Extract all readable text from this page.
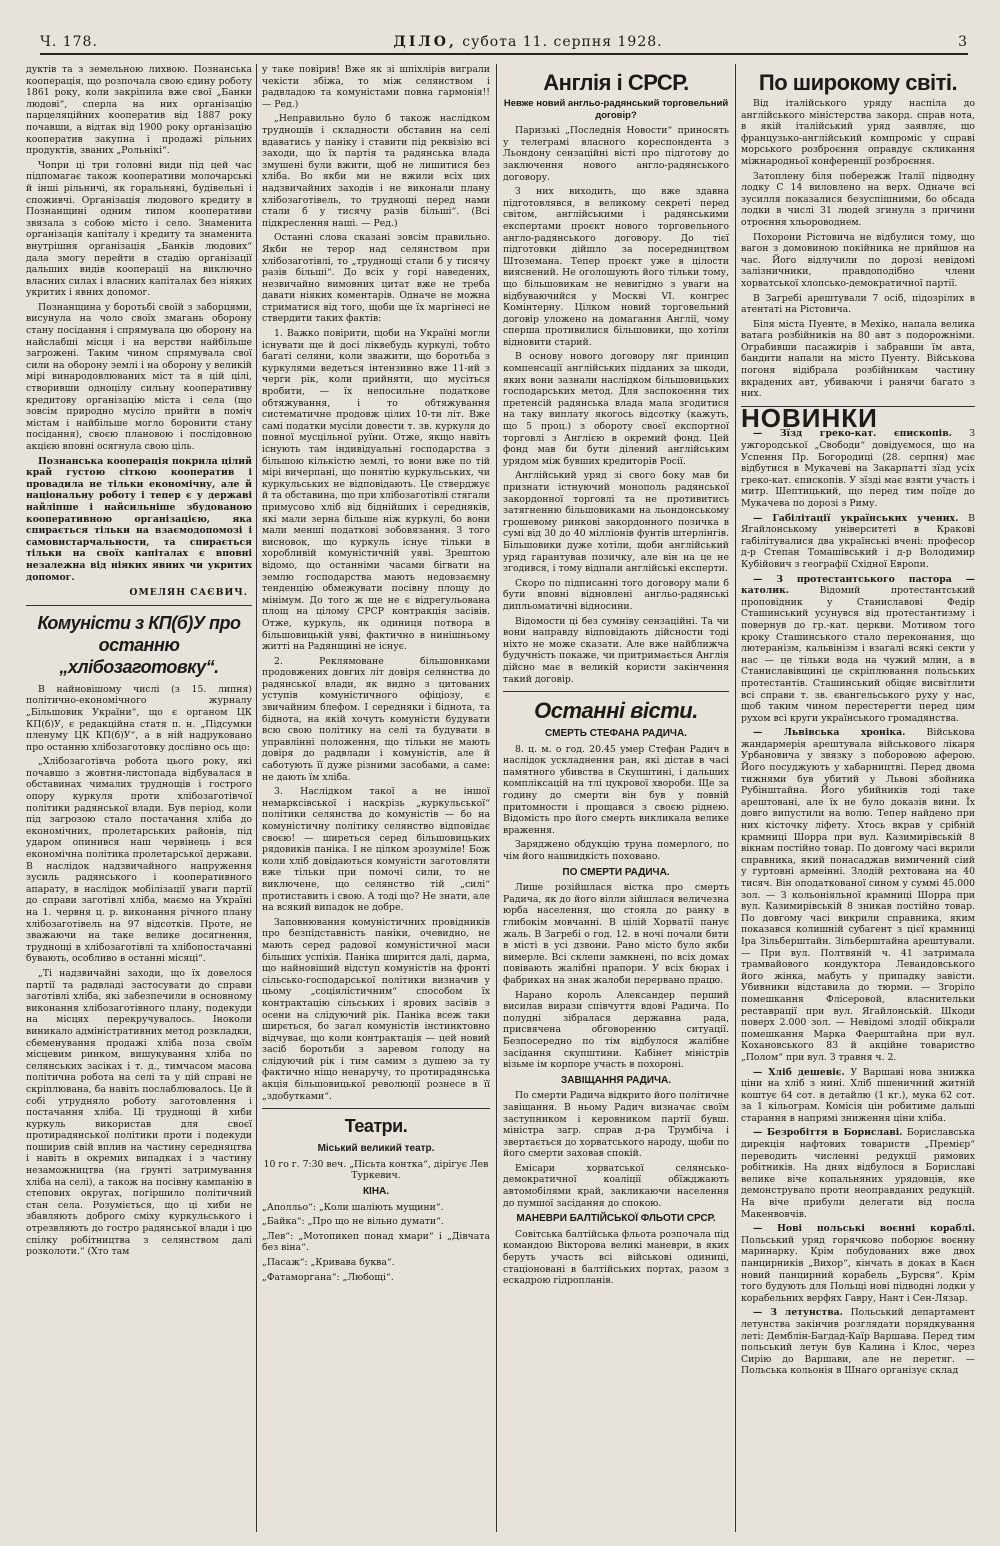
Ч. 178.	ДІЛО, субота 11. серпня 1928.	3

дуктів та з земельною лихвою. Познанська кооперація, що розпочала свою єдину роботу 1861 року, коли закріпила вже свої „Банки людові“, сперла на них організацію парцеляційних кооператив від 1887 року почавши, а відтак від 1900 року організацію кооператив закупна і продажі рільних продуктів, званих „Рольнікі“.

Чопри ці три головні види під цей час підпомагає також кооперативи молочарські й інші рільничі, як горальняні, будівельні і споживчі. Організація людового кредиту в Познанщині одним типом кооперативи звязала з собою місто і село. Знаменита організація капіталу і кредиту та знаменита внутрішня організація „Банків людових“ дала змогу перейти в стадію організації дальших видів кооперації на виключно власних силах і власних капіталах без ніяких укритих і явних допомог.

Познанщина у боротьбі своїй з заборцями, висунула на чоло своїх змагань оборону стану посідання і спрямувала цю оборону на найслабші місця і на верстви найбільше загрожені. Таким чином спрямувала свої сили на оборону землі і на оборону у великій мірі винародовлюваних міст та в цій цілі, створивши одноцілу сильну кооперативну кредитову організацію міста і села (що зовсім природно мусіло прийти в поміч містам і найбільше могло боронити стану посідання), своєю плановою і послідовною акцією вповні осягнула свою ціль.

Познанська кооперація покрила цілий край густою сіткою кооператив і провадила не тільки економічну, але й національну роботу і тепер є у державі найліпше і найсильніше збудованою кооперативною організацією, яка спирається тільки на взаємодопомозі і самовистарчальности, та спирається тільки на своїх капіталах є вповні незалежна від ніяких явних чи укритих допомог.

ОМЕЛЯН САЄВИЧ.
Комуністи з КП(б)У про останню „хлібозаготовку“.

В найновішому числі (з 15. липня) політично-економічного журналу „Більшовик України“, що є органом ЦК КП(б)У, є редакційна статя п. н. „Підсумки пленуму ЦК КП(б)У“, а в ній надруковано про останню хлібозаготовку дослівно ось що:

„Хлібозаготівча робота цього року, які почавшо з жовтня-листопада відбувалася в обставинах чималих труднощів і гострого опору куркуля проти хлібозаготівчої політики радянської влади. Був період, коли під загрозою стало постачання хліба до економічних, пролетарських районів, під ударом опинився наш червінець і вся економічна політика пролетарської держави. В наслідок надзвичайного напруження зусиль радянського і кооперативного апарату, в наслідок мобілізації уваги партії до справи заготівлі хліба, маємо на Україні на 1. червня ц. р. виконання річного плану хлібозаготівель на 97 відсотків. Проте, не зважаючи на таке велике досягнення, труднощі в хлібозаготівлі та хлібопостачанні бувають, особливо в останні місяці“.

„Ті надзвичайні заходи, що їх довелося партії та радвладі застосувати до справи заготівлі хліба, які забезпечили в основному виконання хлібозаготівного плану, подекуди на місцях перекручувалось. Іноколи виникало адміністративних метод розкладки, сбеменування продажі хліба поза своїм місцевим ринком, вишукування хліба по селянських засіках і т. д., тимчасом масова політична робота на селі та у цій справі не скріплювана, ба навіть послаблювалось. Це й собі утрудняло роботу заготовлення і постачання хліба. Ці труднощі й хиби куркуль використав для своєї протирадянської політики проти і подекуди поширив свій вплив на частину середняцтва і навіть в окремих випадках і з частину незаможництва (на ґрунті затримування хліба на селі), а також на посівну кампанію в степових округах, погіршило політичний стан села. Розуміється, що ці хиби не збавляють доброго сміху куркульського і отрезвляють до гостро радянської влади і цю спілку робітництва з селянством далі розколоти.“ (Хто там

у таке повірив! Вже як зі шпіхлірів виграли чекісти збіжа, то між селянством і радвладою та комуністами повна гармонія!! — Ред.)

„Неправильно було б також наслідком труднощів і складности обставин на селі вдаватись у паніку і ставити під реквізію всі заходи, що їх партія та радянська влада змушені були вжити, щоб не лишитися без хліба. Во якби ми не вжили всіх цих надзвичайних заходів і не виконали плану хлібозаготівель, то труднощі перед нами стали б у тисячу разів більші“. (Всі підкреслення наші. — Ред.)

Останні слова сказані зовсім правильно. Якби не терор над селянством при хлібозаготівлі, то „труднощі стали б у тисячу разів більші“. До всіх у горі наведених, незвичайно вимовних цитат вже не треба давати ніяких коментарів. Одначе не можна стриматися від того, щоби ще їх маргінесі не ствердити таких фактів:

1. Важко повірити, щоби на Україні могли існувати ще й досі ліквебудь куркулі, тобто багаті селяни, коли зважити, що боротьба з куркулями ведеться інтензивно вже 11-ий з черги рік, коли прийняти, що мусіться вробити, — їх непосильне податкове обтяжування, і то обтяжування систематичне продовж цілих 10-ти літ. Вже самі податки мусіли довести т. зв. куркуля до повної мусцільної руїни. Отже, якщо навіть існують там індивідуальні господарства з більшою кількістю землі, то вони вже по тій мірі вичерпані, що понятію куркульських, чи куркульських не відповідають. Це стверджує й та обставина, що при хлібозаготівлі стягали примусово хліб від біднійших і середняків, які мали зерна більше ніж куркулі, бо вони мали менші податкові зобовязання. З того висновок, що куркуль існує тільки в хоробливій комуністичній уяві. Зрештою відомо, що останніми часами бігвати на землю господарства мають недовзаємну тенденцію обмежувати посівну площу до мінімум. До того ж ще не є відрегульована площ на цілому СРСР контракція засівів. Отже, куркуль, як одиниця потвора в більшовицькій уяві, фактично в нинішньому житті на Радянщині не існує.

2. Реклямоване більшовиками продовжених довгих літ довіря селянства до радянської влади, як видно з цитованих уступів комуністичного офіціозу, є звичайним блефом. І середняки і біднота, та біднота, на якій хочуть комуністи будувати всю свою політику на селі та будувати в управлінні положення, що тільки не мають довіря до радвлади і комуністів, але й саботують її дуже різними засобами, а саме: не дають їм хліба.

3. Наслідком такої а не іншої немарксівської і наскрізь „куркульської“ політики селянства до комуністів — бо на комуністичну політику селянство відповідає своєю! — ширеться серед більшовицьких рядовиків паніка. І не цілком зрозуміле! Бож коли хліб довідаються комуністи заготовляти вже тільки при помочі сили, то не виключене, що селянство тій „силі“ протиставить і свою. А тоді що? Не знати, але на всякий випадок не добре.

Заповнювання комуністичних провідників про безпідставність паніки, очевидно, не мають серед радової комуністичної маси більших успіхів. Паніка ширится далі, дарма, що найновіший відступ комуністів на фронті сільсько-господарської політики визначив у цьому „соціялістичним“ способом їх контрактацію сільських і ярових засівів з осени на слідуючий рік. Паніка всеж таки ширється, бо загал комуністів інстинктовно відчуває, що коли контрактація — цей новий засіб боротьби з заревом голоду на слідуючий рік і тим самим з душею за ту фактично ніщо ненаручу, то протирадянська акція більшовицької революції рознесе в її „здобутками“.

Театри.
Міський великий театр.

10 го г. 7:30 веч. „Пісьта контка“, дірігує Лев Туркевич.

КІНА.

„Аполльо“: „Коли шаліють мущини“.

„Байка“: „Про що не вільно думати“.

„Лев“: „Мотопикеп понад хмари“ і „Дівчата без віна“.

„Пасаж“: „Кривава буква“.

„Фатаморгана“: „Любощі“.

Англія і СРСР.
Невже новий англьо-радянський торговельний договір?

Паризькі „Последнія Новости“ приносять у телеграмі власного кореспондента з Льондону сензаційні вісті про підготову до заключення нового англо-радянського договору.

З них виходить, що вже здавна підготовлявся, в великому секреті перед світом, англійськими і радянськими експертами проєкт нового торговельного англо-радянського договору. До тієї підготовки дійшло за посередництвом Штоземана. Тепер проєкт уже в цілости вияснений. Не оголошують його тільки тому, що більшовикам не невигідно з уваги на відбуваючийся у Москві VI. конгрес Комінтерну. Цілком новий торговельний договір уложено на домагання Англії, чому сперша противилися більшовики, що хотіли відновити старий.

В основу нового договору ляг принцип компенсації англійських підданих за шкоди, яких вони зазнали наслідком більшовицьких господарських метод. Для заспокоєння тих претенсій радянська влада мала згодитися на таку виплату якогось відсотку (кажуть, що 5 проц.) з обороту своєї експортної торговлі з Англією в окремий фонд. Цей фонд мав би бути ділений англійським урядом між бувших кредиторів Росії.

Англійський уряд зі свого боку мав би признати істнуючий монополь радянської закордонної торговлі та не противитись затягненню більшовиками на льондонському грошевому ринкові закордонного позичка в сумі від 30 до 40 мілліонів фунтів штерлінгів. Більшовики дуже хотіли, щоби англійський уряд гарантував позичку, але він на це не згодився, і тому відпали англійські експерти.

Скоро по підписанні того договору мали б бути вповні відновлені англьо-радянські дипльоматичні відносини.

Відомости ці без сумніву сензаційні. Та чи вони направду відповідають дійсности тоді ніхто не може сказати. Але вже найближча будучність покаже, чи притримається Англія дійсно має в великій користи закінчення такий договір.

Останні вісти.
СМЕРТЬ СТЕФАНА РАДИЧА.

8. ц. м. о год. 20.45 умер Стефан Радич в наслідок ускладнення ран, які дістав в часі памятного убивства в Скупштині, і дальших компліксацій на тлі цукрової хвороби. Ще за годину до смерти він був у повній притомности і прощався з своєю ріднею. Відомість про його смерть викликала велике враження.

Заряджено обдукцію труна померлого, по чім його нашвидкість поховано.

ПО СМЕРТИ РАДИЧА.

Лише розійшлася вістка про смерть Радича, як до його вілли зійшлася величезна юрба населення, що стояла до ранку в глибокім мовчанні. В цілій Хорватії панує жаль. В Загребі о год. 12. в ночі почали бити в місті в усі дзвони. Рано місто було якби вимерле. Всі склепи замкнені, по всіх домах повівають жалібні прапори. У всіх бюрах і фабриках на знак жалоби перервано працю.

Нарано король Александер перший висилав вирази співчуття вдові Радича. По полудні зібралася державна рада, присвячена обговоренню ситуації. Безпосередно по тім відбулося жалібне засідання скупштини. Кабінет міністрів візьме ім корпоре участь в похороні.

ЗАВІЩАННЯ РАДИЧА.

По смерти Радича відкрито його політичне завіщання. В ньому Радич визначає своїм заступником і керовником партії бувш. міністра загр. справ д-ра Трумбіча і звертається до хорватського народу, щоби по його смерти заховав спокій.

Емісари хорватської селянсько-демократичної коаліції обїжджають автомобілями край, закликаючи населення до пумшої засідання до спокою.

МАНЕВРИ БАЛТІЙСЬКОЇ ФЛЬОТИ СРСР.

Совітська балтійська фльота розпочала під командою Вікторова великі маневри, в яких беруть участь всі військові одиниці, стаціоновані в балтійських портах, разом з ескадрою гідропланів.

По широкому світі.

Від італійського уряду наспіла до англійського міністерства закорд. справ нота, в якій італійський уряд заявляє, що французько-англійський компроміс у справі морського розброєння оправдує скликання міжнародньої конференції розброєння.

Затоплену біля побережж Італії підводну лодку С 14 виловлено на верх. Одначе всі зусилля показалися безуспішними, бо обсада лодки в числі 31 людей згинула з причини отроєння хльороводнем.

Похорони Рістовича не відбулися тому, що вагон з домовиною покійника не прийшов на час. Його відлучили по дорозі невідомі залізничники, правдоподібно члени хорватської хлопсько-демократичної партії.

В Загребі арештували 7 осіб, підозрілих в атентаті на Рістовича.

Біля міста Пуенте, в Мехіко, напала велика ватага розбійників на 80 авт з подорожніми. Ограбивши пасажирів і забравши їм авта, бандити напали на місто Пуенту. Військова погоня відібрала розбійникам частину вкрадених авт, убиваючи і ранячи багато з них.

НОВИНКИ

— Зїзд греко-кат. єпископів. З ужгородської „Свободи“ довідуємося, що на Успення Пр. Богородиці (28. серпня) має відбутися в Мукачеві на Закарпатті зїзд усіх греко-кат. єпископів. У зїзді має взяти участь і митр. Шептицький, що перед тим поїде до Мукачева по дорозі з Риму.

— Габілітації українських учених. В Ягайлонському університеті в Кракові габілітувалися два українські вчені: професор д-р Степан Томашівський і д-р Володимир Кубійович з географії Східної Европи.

— З протестантського пастора — католик.	Відомий протестантський проповідник у Станиславові Федір Сташинський усунувся від протестантизму і повернув до гр.-кат. церкви. Мотивом того кроку Сташинського стало переконання, що лютеранізм, кальвінізм і взагалі всякі секти у нас — це тільки вода на чужий млин, а в Станиславівщині це скріплювання польських протестантів. Сташинський обіцяє висвітлити всі справи т. зв. євангельського руху у нас, щоб таким чином перестерегти перед цим рухом всі круги українського громадянства.

— Львівська хроніка. Військова жандармерія арештувала військового лікаря Урбановича у звязку з поборовою аферою. Його посуджують у хабарництві. Перед двома тижнями був убитий у Львові збойника Рубінштайна. Його убийників тоді таке арештовані, але їх не було доказів вини. Їх довго випустили на волю. Тепер найдено при них кісточку ліфету. Хтось вкрав у срібній крамниці Шорра при вул. Казимирівській 8 вікнам постійно товар. По довгому часі вкрили справника, який понасаджав вимичений сіий у гуртовні армеінні. Злодій рехтована на 40 тисяч. Він оподаткованої сином у суммі 45.000 зол. — З кольоніяльної крамниці Шорра при вул. Казимирівській 8 зникав постійно товар. По довгому часі викрили справника, яким показався колишній субагент з цієї крамниці Іра Зільберштайн. Зільберштайна арештували. — При вул. Полтвяній ч. 41 затримала трамвайового кондуктора Левандовського його жінка, мабуть у припадку завісти. Убивники відставила до тюрми. — Згоріло помешкання Флісеровой, власнительки реставрації при вул. Ягайлонській. Шкоди поверх 2.000 зол. — Невідомі злодії обікрали помешкання Марка Фаерштайна при вул. Кохановського 83 й акційне товариство „Полом“ при вул. З травня ч. 2.

— Хліб дешевіє. У Варшаві нова знижка ціни на хліб з нині. Хліб пшеничний житній коштує 64 сот. в детайлю (1 кг.), мука 62 сот. за 1 кільограм. Комісія цін робитиме дальші старання в напрямі зниження ціни хліба.

— Безробіття в Бориславі. Бориславська дирекція нафтових товариств „Премієр“ переводить численні редукції рямових робітників. На днях відбулося в Бориславі велике віче копальняних урядовців, яке демонструвало проти неоправданих редукцій. На віче прибули делегати від посла Макенвовчів.

— Нові польські воєнні кораблі. Польський уряд горячково поборює воєнну маринарку. Крім побудованих вже двох панцирників „Вихор“, кінчать в доках в Каєн новий панцирний корабель „Бурсвя“. Крім того будують для Польщі нові підводні лодки у корабельних верфях Гавру, Нант і Сен-Лязар.

— З летунства. Польський департамент летунства закінчив розглядати порядкування леті: Демблін-Багдад-Каїр Варшава. Перед тим польський летун був Калина і Клос, через Сирію до Варшави, але не перетяг. — Польська кольонія в Шнаго організує склад
